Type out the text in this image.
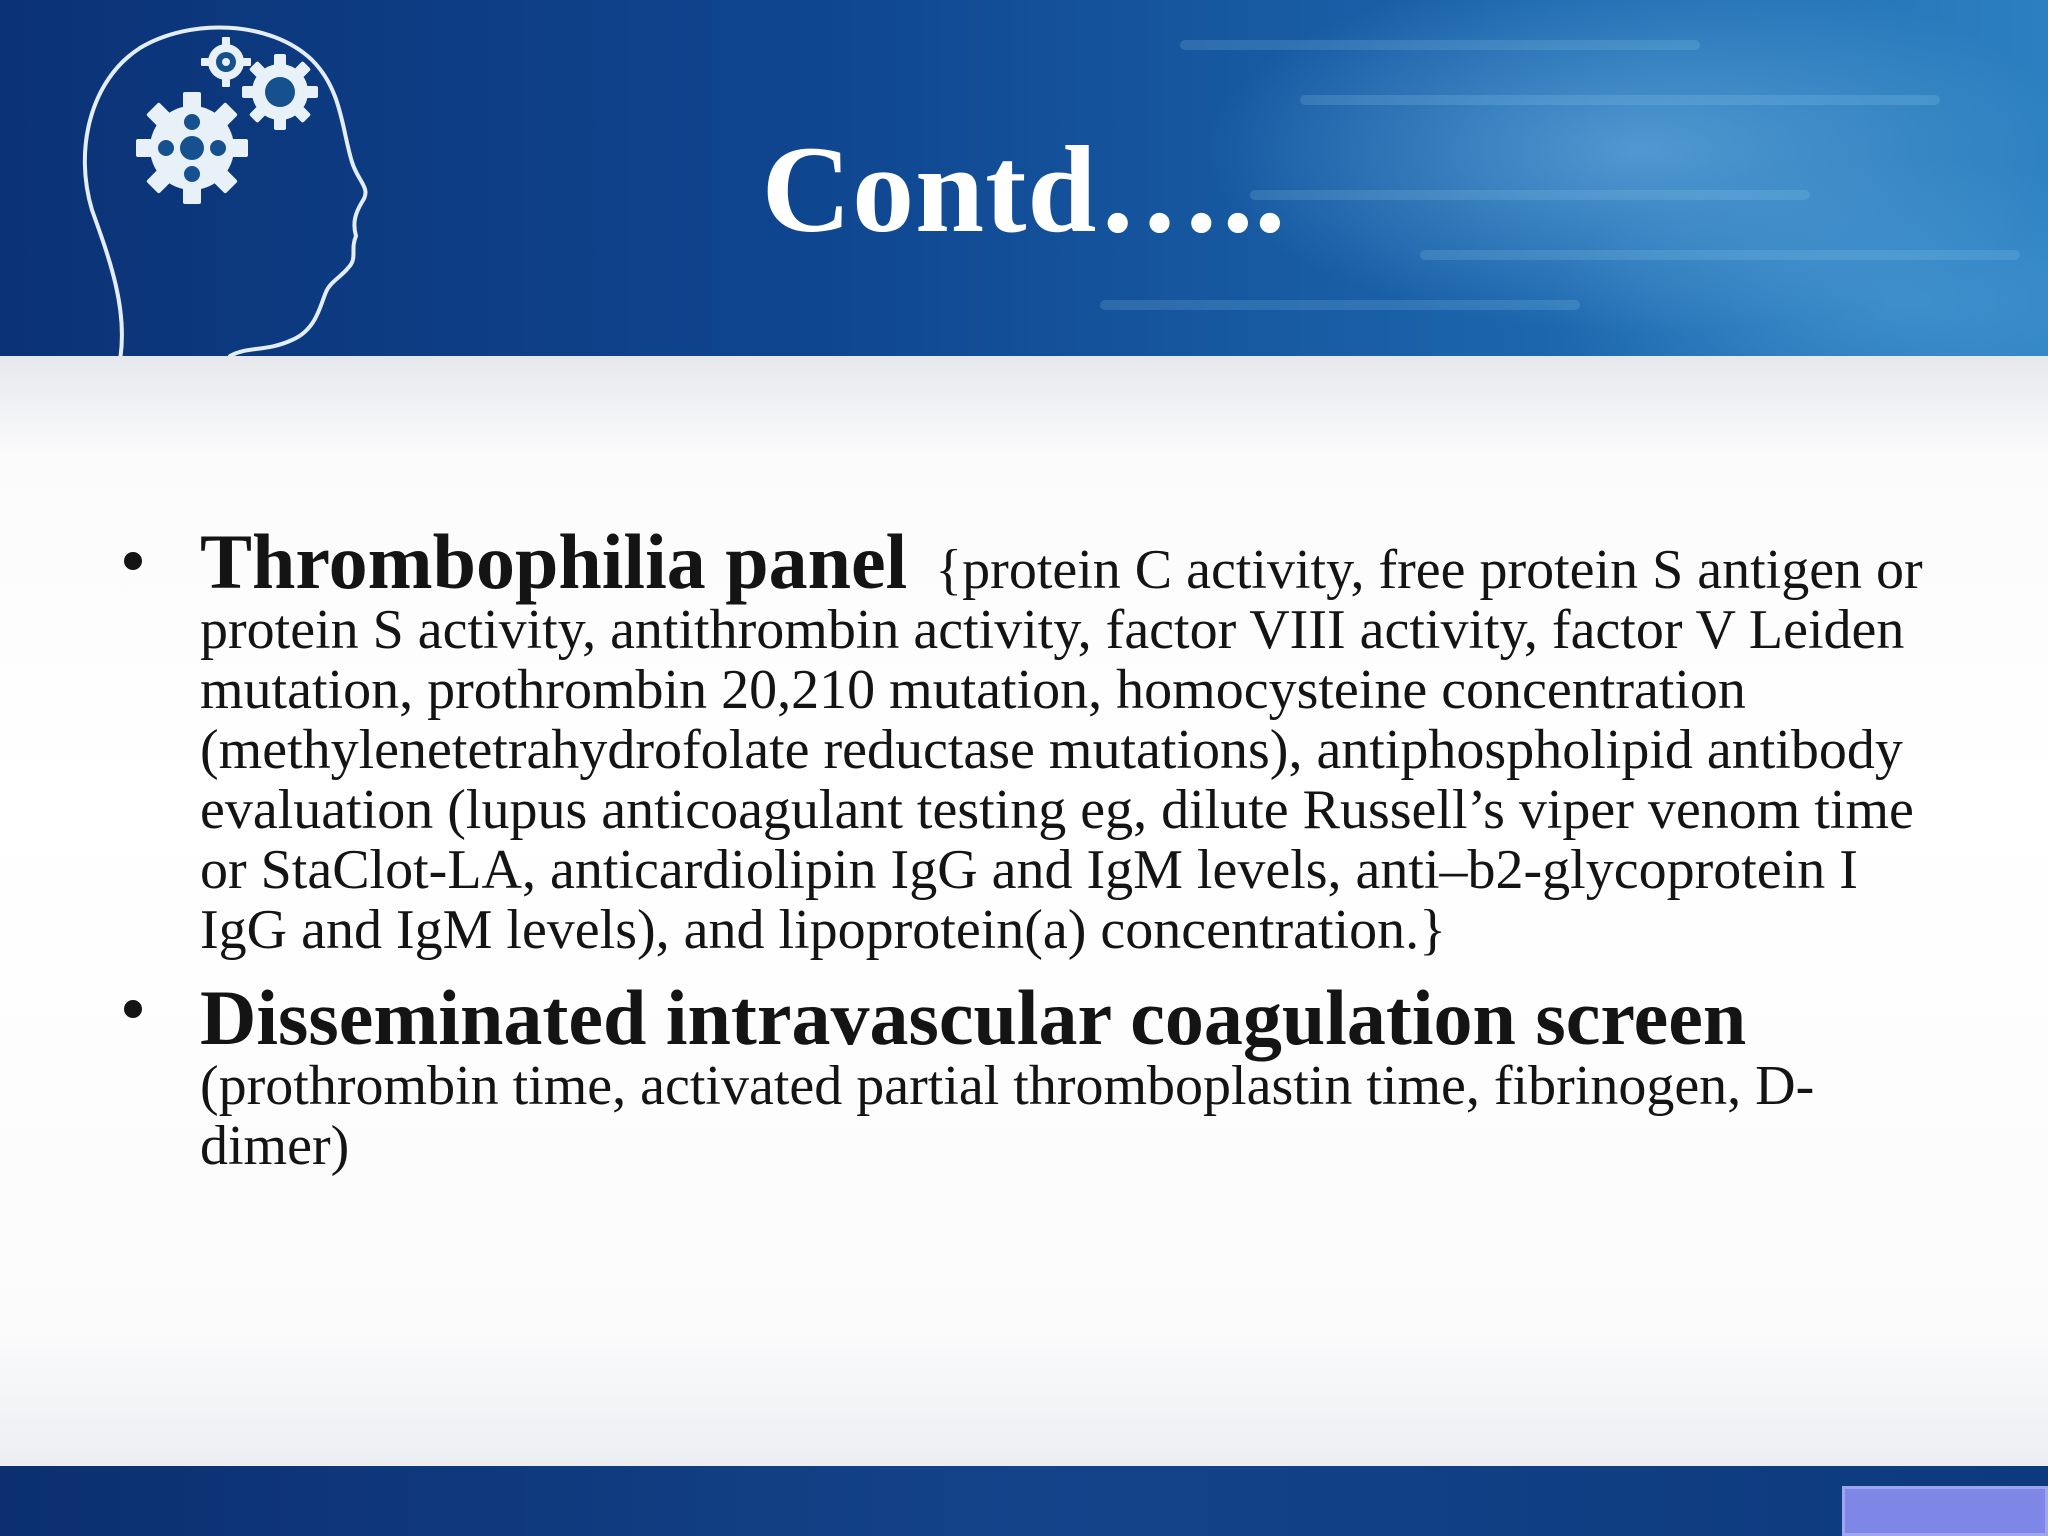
Contd…..
Thrombophilia panel {protein C activity, free protein S antigen or protein S activity, antithrombin activity, factor VIII activity, factor V Leiden mutation, prothrombin 20,210 mutation, homocysteine concentration (methylenetetrahydrofolate reductase mutations), antiphospholipid antibody evaluation (lupus anticoagulant testing eg, dilute Russell’s viper venom time or StaClot-LA, anticardiolipin IgG and IgM levels, anti–b2-glycoprotein I IgG and IgM levels), and lipoprotein(a) concentration.}
Disseminated intravascular coagulation screen
(prothrombin time, activated partial thromboplastin time, fibrinogen, D-dimer)
